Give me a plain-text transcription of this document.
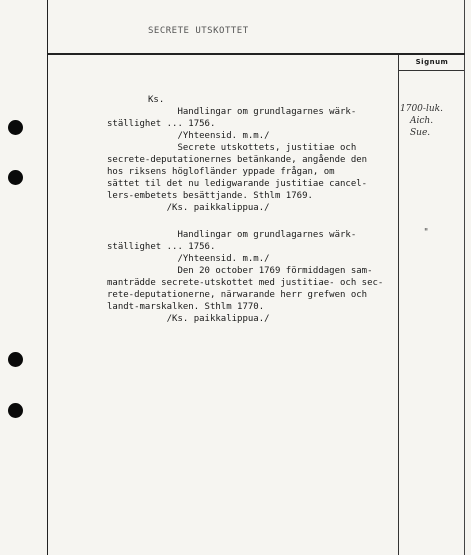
SECRETE UTSKOTTET
Signum
Ks.
Handlingar om grundlagarnes wärk-
ställighet ... 1756.
/Yhteensid. m.m./
Secrete utskottets, justitiae och
secrete-deputationernes betänkande, angående den
hos riksens höglofländer yppade frågan, om
sättet til det nu ledigwarande justitiae cancel-
lers-embetets besättjande. Sthlm 1769.
/Ks. paikkalippua./
Handlingar om grundlagarnes wärk-
ställighet ... 1756.
/Yhteensid. m.m./
Den 20 october 1769 förmiddagen sam-
manträdde secrete-utskottet med justitiae- och sec-
rete-deputationerne, närwarande herr grefwen och
landt-marskalken. Sthlm 1770.
/Ks. paikkalippua./
1700-luk.
Aich.
Sue.
"
